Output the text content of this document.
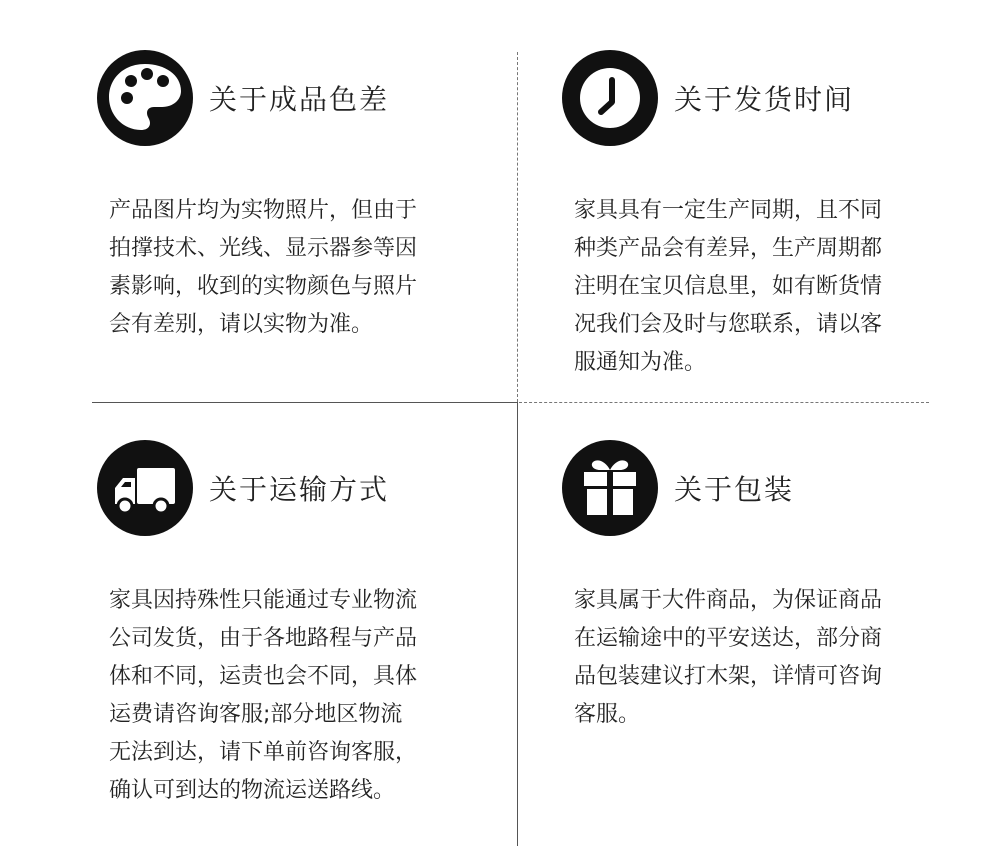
关于成品色差
产品图片均为实物照片，但由于
拍撑技术、光线、显示器参等因
素影响，收到的实物颜色与照片
会有差别，请以实物为准。
关于发货时间
家具具有一定生产同期，且不同
种类产品会有差异，生产周期都
注明在宝贝信息里，如有断货情
况我们会及时与您联系，请以客
服通知为准。
关于运输方式
家具因持殊性只能通过专业物流
公司发货，由于各地路程与产品
体和不同，运责也会不同，具体
运费请咨询客服;部分地区物流
无法到达，请下单前咨询客服，
确认可到达的物流运送路线。
关于包装
家具属于大件商品，为保证商品
在运输途中的平安送达，部分商
品包装建议打木架，详情可咨询
客服。
